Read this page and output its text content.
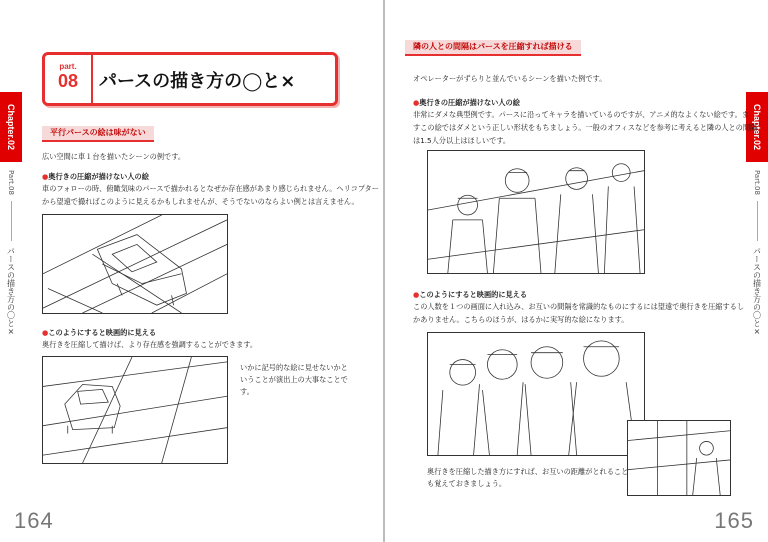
Chapter.02
Part.08
パースの描き方の〇と×
part.
08	パースの描き方の◯と×
平行パースの絵は味がない
広い空間に車１台を描いたシーンの例です。
●奥行きの圧縮が描けない人の絵
車のフォローの時、俯瞰気味のパースで描かれるとなぜか存在感があまり感じられません。ヘリコプター
から望遠で撮ればこのように見えるかもしれませんが、そうでないのならよい例とは言えません。
●このようにすると映画的に見える
奥行きを圧縮して描けば、より存在感を強調することができます。
いかに記号的な絵に見せないかと
いうことが演出上の大事なことで
す。
164
Chapter.02
Part.08
パースの描き方の〇と×
隣の人との間隔はパースを圧縮すれば描ける
オペレーターがずらりと並んでいるシーンを描いた例です。
●奥行きの圧縮が描けない人の絵
非常にダメな典型例です。パースに沿ってキャラを描いているのですが、アニメ的なよくない絵です。ま
すこの絵ではダメという正しい形状をもちましょう。一般のオフィスなどを参考に考えると隣の人との間隔
は1.5人分以上はほしいです。
●このようにすると映画的に見える
この人数を１つの画面に入れ込み、お互いの間隔を常識的なものにするには望遠で奥行きを圧縮するし
かありません。こちらのほうが、はるかに実写的な絵になります。
奥行きを圧縮した描き方にすれば、お互いの距離がとれること
も覚えておきましょう。
165
